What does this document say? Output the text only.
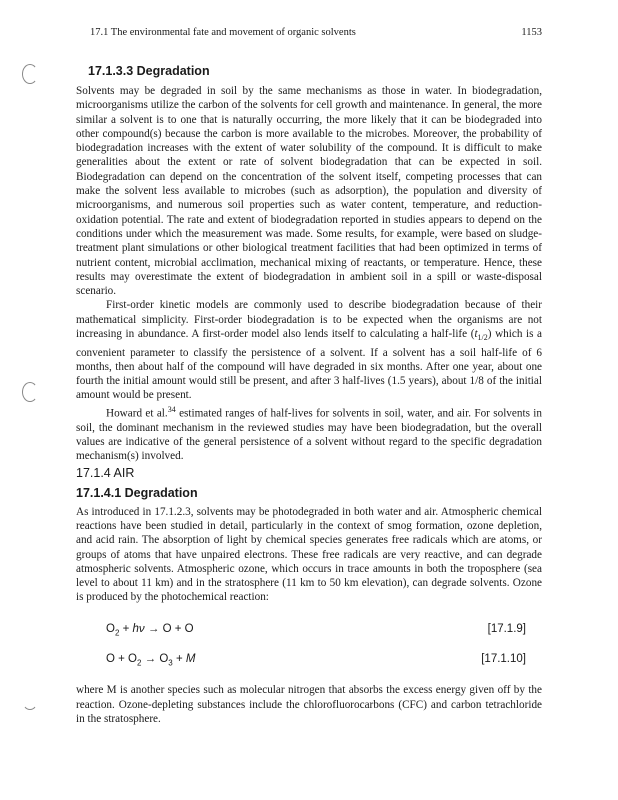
17.1 The environmental fate and movement of organic solvents	1153
17.1.3.3 Degradation

Solvents may be degraded in soil by the same mechanisms as those in water. In biodegradation, microorganisms utilize the carbon of the solvents for cell growth and maintenance. In general, the more similar a solvent is to one that is naturally occurring, the more likely that it can be biodegraded into other compound(s) because the carbon is more available to the microbes. Moreover, the probability of biodegradation increases with the extent of water solubility of the compound. It is difficult to make generalities about the extent or rate of solvent biodegradation that can be expected in soil. Biodegradation can depend on the concentration of the solvent itself, competing processes that can make the solvent less available to microbes (such as adsorption), the population and diversity of microorganisms, and numerous soil properties such as water content, temperature, and reduction-oxidation potential. The rate and extent of biodegradation reported in studies appears to depend on the conditions under which the measurement was made. Some results, for example, were based on sludge-treatment plant simulations or other biological treatment facilities that had been optimized in terms of nutrient content, microbial acclimation, mechanical mixing of reactants, or temperature. Hence, these results may overestimate the extent of biodegradation in ambient soil in a spill or waste-disposal scenario.

First-order kinetic models are commonly used to describe biodegradation because of their mathematical simplicity. First-order biodegradation is to be expected when the organisms are not increasing in abundance. A first-order model also lends itself to calculating a half-life $(t_{1/2})$ which is a convenient parameter to classify the persistence of a solvent. If a solvent has a soil half-life of 6 months, then about half of the compound will have degraded in six months. After one year, about one fourth the initial amount would still be present, and after 3 half-lives (1.5 years), about 1/8 of the initial amount would be present.

Howard et al.$^{34}$ estimated ranges of half-lives for solvents in soil, water, and air. For solvents in soil, the dominant mechanism in the reviewed studies may have been biodegradation, but the overall values are indicative of the general persistence of a solvent without regard to the specific degradation mechanism(s) involved.

17.1.4 AIR
17.1.4.1 Degradation

As introduced in 17.1.2.3, solvents may be photodegraded in both water and air. Atmospheric chemical reactions have been studied in detail, particularly in the context of smog formation, ozone depletion, and acid rain. The absorption of light by chemical species generates free radicals which are atoms, or groups of atoms that have unpaired electrons. These free radicals are very reactive, and can degrade atmospheric solvents. Atmospheric ozone, which occurs in trace amounts in both the troposphere (sea level to about 11 km) and in the stratosphere (11 km to 50 km elevation), can degrade solvents. Ozone is produced by the photochemical reaction:

$O_2 + h\nu \to O + O$	[17.1.9]
$O + O_2 \to O_3 + M$	[17.1.10]

where M is another species such as molecular nitrogen that absorbs the excess energy given off by the reaction. Ozone-depleting substances include the chlorofluorocarbons (CFC) and carbon tetrachloride in the stratosphere.
